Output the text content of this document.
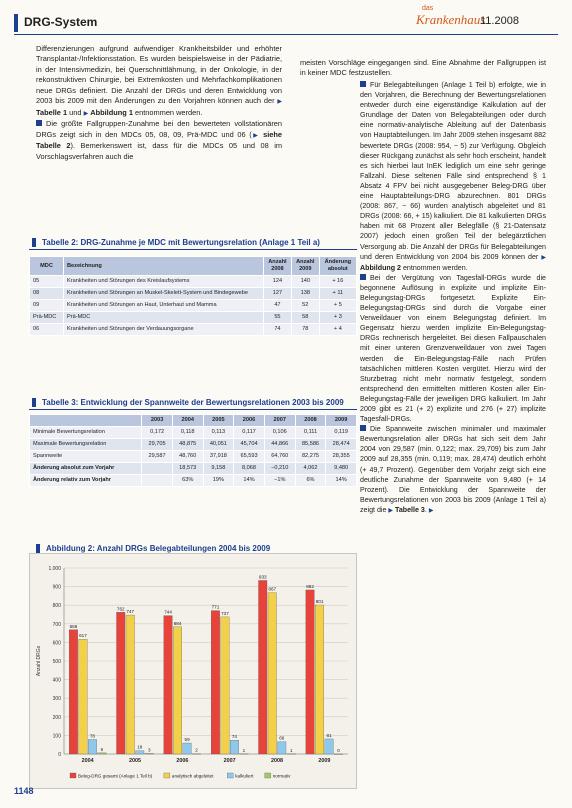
DRG-System
das
Krankenhaus
11.2008

Differenzierungen aufgrund aufwendiger Krankheitsbilder und erhöhter Transplantat-/Infektionsstation. Es wurden beispielsweise in der Pädiatrie, in der Intensivmedizin, bei Querschnittlähmung, in der Onkologie, in der rekonstruktiven Chirurgie, bei Extremkosten und Mehrfachkomplikationen neue DRGs definiert. Die Anzahl der DRGs und deren Entwicklung von 2003 bis 2009 mit den Änderungen zu den Vorjahren können auch der ▶ Tabelle 1 und ▶ Abbildung 1 entnommen werden.

Die größte Fallgruppen-Zunahme bei den bewerteten vollstationären DRGs zeigt sich in den MDCs 05, 08, 09, Prä-MDC und 06 (▶ siehe Tabelle 2). Bemerkenswert ist, dass für die MDCs 05 und 08 im Vorschlagsverfahren auch die

meisten Vorschläge eingegangen sind. Eine Abnahme der Fallgruppen ist in keiner MDC festzustellen.

Für Belegabteilungen (Anlage 1 Teil b) erfolgte, wie in den Vorjahren, die Berechnung der Bewertungsrelationen entweder durch eine eigenständige Kalkulation auf der Grundlage der Daten von Belegabteilungen oder durch eine normativ-analytische Ableitung auf der Datenbasis von Hauptabteilungen. Im Jahr 2009 stehen insgesamt 882 bewertete DRGs (2008: 954, − 5) zur Verfügung. Obgleich dieser Rückgang zunächst als sehr hoch erscheint, handelt es sich hierbei laut InEK lediglich um eine sehr geringe Fallzahl. Diese seltenen Fälle sind entsprechend § 1 Absatz 4 FPV bei nicht ausgegebener Beleg-DRG über eine Hauptabteilungs-DRG abzurechnen. 801 DRGs (2008: 867, − 66) wurden analytisch abgeleitet und 81 DRGs (2008: 66, + 15) kalkuliert. Die 81 kalkulierten DRGs haben mit 68 Prozent aller Belegfälle (§ 21-Datensatz 2007) jedoch einen großen Teil der belegärztlichen Versorgung ab. Die Anzahl der DRGs für Belegabteilungen und deren Entwicklung von 2004 bis 2009 können der ▶ Abbildung 2 entnommen werden.

Bei der Vergütung von Tagesfall-DRGs wurde die begonnene Auflösung in explizite und implizite Ein-Belegungstag-DRGs fortgesetzt. Explizite Ein-Belegungstag-DRGs sind durch die Vorgabe einer Verweildauer von einem Belegungstag definiert. Im Gegensatz hierzu werden implizite Ein-Belegungstag-DRGs rechnerisch hergeleitet. Bei diesen Fallpauschalen mit einer unteren Grenzverweildauer von zwei Tagen werden die Ein-Belegungstag-Fälle nach Prüfen tatsächlichen mittleren Kosten vergütet. Hierzu wird der Sturzbetrag nicht mehr normativ festgelegt, sondern entsprechend den ermittelten mittleren Kosten aller Ein-Belegungstag-Fälle der jeweiligen DRG kalkuliert. Im Jahr 2009 gibt es 21 (+ 2) explizite und 276 (+ 27) implizite Tagesfall-DRGs.

Die Spannweite zwischen minimaler und maximaler Bewertungsrelation aller DRGs hat sich seit dem Jahr 2004 von 29,587 (min. 0,122; max. 29,709) bis zum Jahr 2009 auf 28,355 (min. 0,119; max. 28,474) deutlich erhöht (+ 49,7 Prozent). Gegenüber dem Vorjahr zeigt sich eine deutliche Zunahme der Spannweite von 9,480 (+ 14 Prozent). Die Entwicklung der Spannweite der Bewertungsrelationen von 2003 bis 2009 (Anlage 1 Teil a) zeigt die ▶ Tabelle 3. ▶

Tabelle 2: DRG-Zunahme je MDC mit Bewertungsrelation (Anlage 1 Teil a)
MDC	Bezeichnung	Anzahl 2008	Anzahl 2009	Änderung absolut
05	Krankheiten und Störungen des Kreislaufsystems	124	140	+ 16
08	Krankheiten und Störungen an Muskel-Skelett-System und Bindegewebe	127	138	+ 11
09	Krankheiten und Störungen an Haut, Unterhaut und Mamma	47	52	+ 5
Prä-MDC	Prä-MDC	55	58	+ 3
06	Krankheiten und Störungen der Verdauungsorgane	74	78	+ 4
Tabelle 3: Entwicklung der Spannweite der Bewertungsrelationen 2003 bis 2009
	2003	2004	2005	2006	2007	2008	2009
Minimale Bewertungsrelation	0,172	0,118	0,113	0,117	0,106	0,111	0,119
Maximale Bewertungsrelation	29,705	48,875	40,051	45,704	44,866	85,586	28,474
Spannweite	29,587	48,760	37,918	65,593	64,760	82,275	28,355
Änderung absolut zum Vorjahr		18,573	9,158	8,068	−0,210	4,062	9,480
Änderung relativ zum Vorjahr		63%	19%	14%	−1%	6%	14%
Abbildung 2: Anzahl DRGs Belegabteilungen 2004 bis 2009
0
100
200
300
400
500
600
700
800
900
1.000
Anzahl DRGs
668
617
78
6
2004
762
747
18
3
2005
744
684
59
2
2006
771
737
74
1
2007
933
867
66
1
2008
882
801
81
0
2009
Beleg-DRG gesamt (Anlage 1 Teil b)	analytisch abgeleitet	kalkuliert	normativ
1148
